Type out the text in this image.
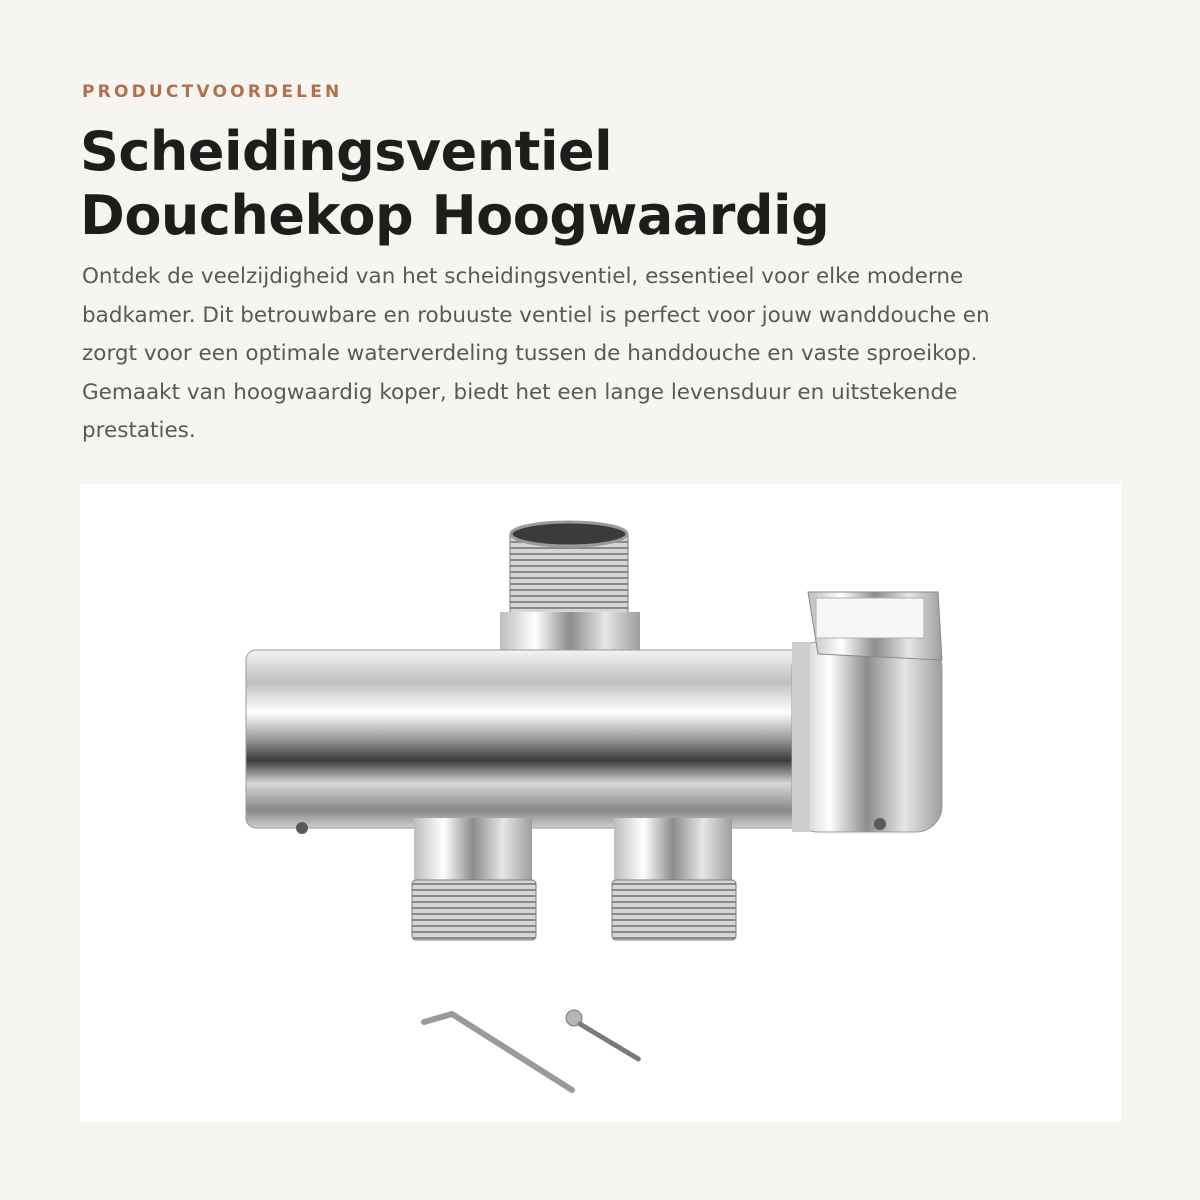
PRODUCTVOORDELEN
Scheidingsventiel
Douchekop Hoogwaardig

Ontdek de veelzijdigheid van het scheidingsventiel, essentieel voor elke moderne badkamer. Dit betrouwbare en robuuste ventiel is perfect voor jouw wanddouche en zorgt voor een optimale waterverdeling tussen de handdouche en vaste sproeikop. Gemaakt van hoogwaardig koper, biedt het een lange levensduur en uitstekende prestaties.
